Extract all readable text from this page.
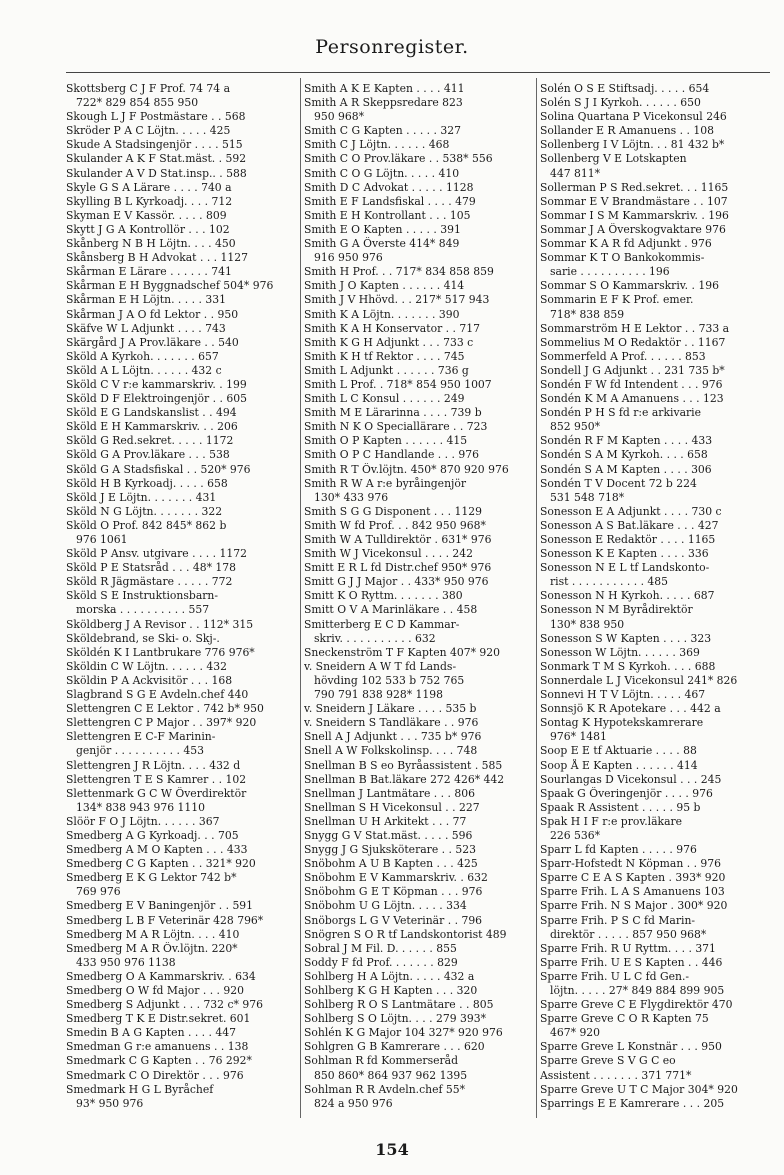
Personregister.
Skottsberg C J F Prof. 74 74 a
722* 829 854 855 950
Skough L J F Postmästare . . 568
Skröder P A C Löjtn. . . . . 425
Skude A Stadsingenjör . . . . 515
Skulander A K F Stat.mäst. . 592
Skulander A V D Stat.insp.. . 588
Skyle G S A Lärare . . . . 740 a
Skylling B L Kyrkoadj. . . . 712
Skyman E V Kassör. . . . . 809
Skytt J G A Kontrollör . . . 102
Skånberg N B H Löjtn. . . . 450
Skånsberg B H Advokat . . . 1127
Skårman E Lärare . . . . . . 741
Skårman E H Byggnadschef 504* 976
Skårman E H Löjtn. . . . . 331
Skårman J A O fd Lektor . . 950
Skäfve W L Adjunkt . . . . 743
Skärgård J A Prov.läkare . . 540
Sköld A Kyrkoh. . . . . . . 657
Sköld A L Löjtn. . . . . . 432 c
Sköld C V r:e kammarskriv. . 199
Sköld D F Elektroingenjör . . 605
Sköld E G Landskanslist . . 494
Sköld E H Kammarskriv. . . 206
Sköld G Red.sekret. . . . . 1172
Sköld G A Prov.läkare . . . 538
Sköld G A Stadsfiskal . . 520* 976
Sköld H B Kyrkoadj. . . . . 658
Sköld J E Löjtn. . . . . . . 431
Sköld N G Löjtn. . . . . . . 322
Sköld O Prof. 842 845* 862 b
976 1061
Sköld P Ansv. utgivare . . . . 1172
Sköld P E Statsråd . . . 48* 178
Sköld R Jägmästare . . . . . 772
Sköld S E Instruktionsbarn-
morska . . . . . . . . . . 557
Sköldberg J A Revisor . . 112* 315
Sköldebrand, se Ski- o. Skj-.
Sköldén K I Lantbrukare 776 976*
Sköldin C W Löjtn. . . . . . 432
Sköldin P A Ackvisitör . . . 168
Slagbrand S G E Avdeln.chef 440
Slettengren C E Lektor . 742 b* 950
Slettengren C P Major . . 397* 920
Slettengren E C-F Marinin-
genjör . . . . . . . . . . 453
Slettengren J R Löjtn. . . . 432 d
Slettengren T E S Kamrer . . 102
Slettenmark G C W Överdirektör
134* 838 943 976 1110
Slöör F O J Löjtn. . . . . . 367
Smedberg A G Kyrkoadj. . . 705
Smedberg A M O Kapten . . . 433
Smedberg C G Kapten . . 321* 920
Smedberg E K G Lektor 742 b*
769 976
Smedberg E V Baningenjör . . 591
Smedberg L B F Veterinär 428 796*
Smedberg M A R Löjtn. . . . 410
Smedberg M A R Öv.löjtn. 220*
433 950 976 1138
Smedberg O A Kammarskriv. . 634
Smedberg O W fd Major . . . 920
Smedberg S Adjunkt . . . 732 c* 976
Smedberg T K E Distr.sekret. 601
Smedin B A G Kapten . . . . 447
Smedman G r:e amanuens . . 138
Smedmark C G Kapten . . 76 292*
Smedmark C O Direktör . . . 976
Smedmark H G L Byråchef
93* 950 976
Smith A K E Kapten . . . . 411
Smith A R Skeppsredare 823
950 968*
Smith C G Kapten . . . . . 327
Smith C J Löjtn. . . . . . 468
Smith C O Prov.läkare . . 538* 556
Smith C O G Löjtn. . . . . 410
Smith D C Advokat . . . . . 1128
Smith E F Landsfiskal . . . . 479
Smith E H Kontrollant . . . 105
Smith E O Kapten . . . . . 391
Smith G A Överste 414* 849
916 950 976
Smith H Prof. . . 717* 834 858 859
Smith J O Kapten . . . . . . 414
Smith J V Hhövd. . . 217* 517 943
Smith K A Löjtn. . . . . . . 390
Smith K A H Konservator . . 717
Smith K G H Adjunkt . . . 733 c
Smith K H tf Rektor . . . . 745
Smith L Adjunkt . . . . . . 736 g
Smith L Prof. . 718* 854 950 1007
Smith L C Konsul . . . . . . 249
Smith M E Lärarinna . . . . 739 b
Smith N K O Speciallärare . . 723
Smith O P Kapten . . . . . . 415
Smith O P C Handlande . . . 976
Smith R T Öv.löjtn. 450* 870 920 976
Smith R W A r:e byråingenjör
130* 433 976
Smith S G G Disponent . . . 1129
Smith W fd Prof. . . 842 950 968*
Smith W A Tulldirektör . 631* 976
Smith W J Vicekonsul . . . . 242
Smitt E R L fd Distr.chef 950* 976
Smitt G J J Major . . 433* 950 976
Smitt K O Ryttm. . . . . . . 380
Smitt O V A Marinläkare . . 458
Smitterberg E C D Kammar-
skriv. . . . . . . . . . . 632
Sneckenström T F Kapten 407* 920
v. Sneidern A W T fd Lands-
hövding 102 533 b 752 765
790 791 838 928* 1198
v. Sneidern J Läkare . . . . 535 b
v. Sneidern S Tandläkare . . 976
Snell A J Adjunkt . . . 735 b* 976
Snell A W Folkskolinsp. . . . 748
Snellman B S eo Byråassistent . 585
Snellman B Bat.läkare 272 426* 442
Snellman J Lantmätare . . . 806
Snellman S H Vicekonsul . . 227
Snellman U H Arkitekt . . . 77
Snygg G V Stat.mäst. . . . . 596
Snygg J G Sjuksköterare . . 523
Snöbohm A U B Kapten . . . 425
Snöbohm E V Kammarskriv. . 632
Snöbohm G E T Köpman . . . 976
Snöbohm U G Löjtn. . . . . 334
Snöborgs L G V Veterinär . . 796
Snögren S O R tf Landskontorist 489
Sobral J M Fil. D. . . . . . 855
Soddy F fd Prof. . . . . . . 829
Sohlberg H A Löjtn. . . . . 432 a
Sohlberg K G H Kapten . . . 320
Sohlberg R O S Lantmätare . . 805
Sohlberg S O Löjtn. . . . 279 393*
Sohlén K G Major 104 327* 920 976
Sohlgren G B Kamrerare . . . 620
Sohlman R fd Kommerseråd
850 860* 864 937 962 1395
Sohlman R R Avdeln.chef 55*
824 a 950 976
Solén O S E Stiftsadj. . . . . 654
Solén S J I Kyrkoh. . . . . . 650
Solina Quartana P Vicekonsul 246
Sollander E R Amanuens . . 108
Sollenberg I V Löjtn. . . 81 432 b*
Sollenberg V E Lotskapten
447 811*
Sollerman P S Red.sekret. . . 1165
Sommar E V Brandmästare . . 107
Sommar I S M Kammarskriv. . 196
Sommar J A Överskogvaktare 976
Sommar K A R fd Adjunkt . 976
Sommar K T O Bankokommis-
sarie . . . . . . . . . . 196
Sommar S O Kammarskriv. . 196
Sommarin E F K Prof. emer.
718* 838 859
Sommarström H E Lektor . . 733 a
Sommelius M O Redaktör . . 1167
Sommerfeld A Prof. . . . . . 853
Sondell J G Adjunkt . . 231 735 b*
Sondén F W fd Intendent . . . 976
Sondén K M A Amanuens . . . 123
Sondén P H S fd r:e arkivarie
852 950*
Sondén R F M Kapten . . . . 433
Sondén S A M Kyrkoh. . . . 658
Sondén S A M Kapten . . . . 306
Sondén T V Docent 72 b 224
531 548 718*
Sonesson E A Adjunkt . . . . 730 c
Sonesson A S Bat.läkare . . . 427
Sonesson E Redaktör . . . . 1165
Sonesson K E Kapten . . . . 336
Sonesson N E L tf Landskonto-
rist . . . . . . . . . . . 485
Sonesson N H Kyrkoh. . . . . 687
Sonesson N M Byrådirektör
130* 838 950
Sonesson S W Kapten . . . . 323
Sonesson W Löjtn. . . . . . 369
Sonmark T M S Kyrkoh. . . . 688
Sonnerdale L J Vicekonsul 241* 826
Sonnevi H T V Löjtn. . . . . 467
Sonnsjö K R Apotekare . . . 442 a
Sontag K Hypotekskamrerare
976* 1481
Soop E E tf Aktuarie . . . . 88
Soop Å E Kapten . . . . . . 414
Sourlangas D Vicekonsul . . . 245
Spaak G Överingenjör . . . . 976
Spaak R Assistent . . . . . 95 b
Spak H I F r:e prov.läkare
226 536*
Sparr L fd Kapten . . . . . 976
Sparr-Hofstedt N Köpman . . 976
Sparre C E A S Kapten . 393* 920
Sparre Frih. L A S Amanuens 103
Sparre Frih. N S Major . 300* 920
Sparre Frih. P S C fd Marin-
direktör . . . . . 857 950 968*
Sparre Frih. R U Ryttm. . . . 371
Sparre Frih. U E S Kapten . . 446
Sparre Frih. U L C fd Gen.-
löjtn. . . . . 27* 849 884 899 905
Sparre Greve C E Flygdirektör 470
Sparre Greve C O R Kapten 75
467* 920
Sparre Greve L Konstnär . . . 950
Sparre Greve S V G C eo
Assistent . . . . . . . 371 771*
Sparre Greve U T C Major 304* 920
Sparrings E E Kamrerare . . . 205
154
